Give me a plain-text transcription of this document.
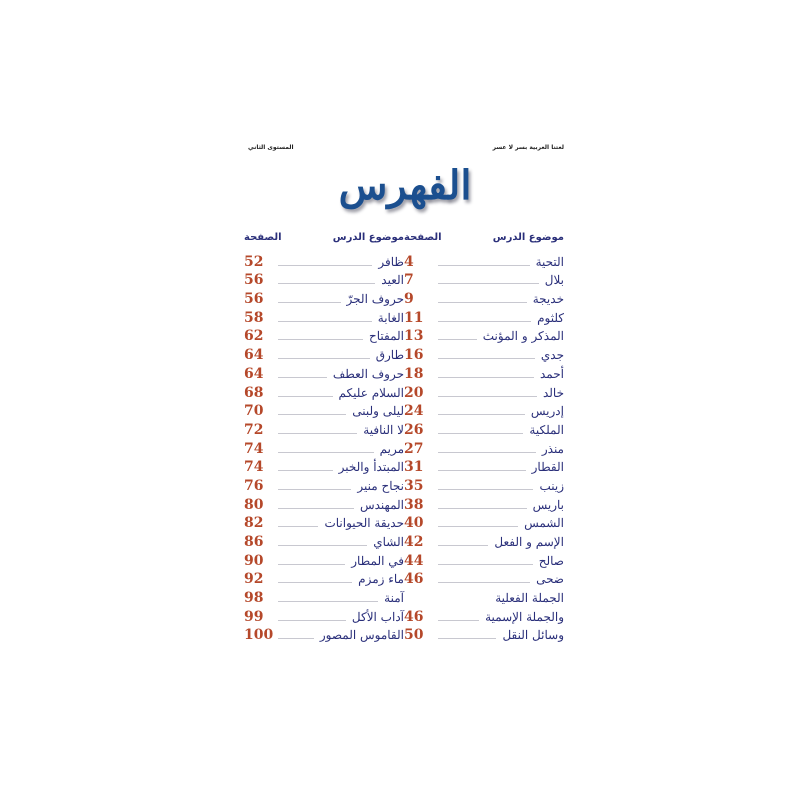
لغتنا العربية بسر لا عسر
المستوى الثاني
الفهرس
موضوع الدرس
الصفحة
التحية
4
بلال
7
خديجة
9
كلثوم
11
المذكر و المؤنث
13
جدي
16
أحمد
18
خالد
20
إدريس
24
الملكية
26
منذر
27
القطار
31
زينب
35
باريس
38
الشمس
40
الإسم و الفعل
42
صالح
44
ضحى
46
الجملة الفعلية
والجملة الإسمية
46
وسائل النقل
50
موضوع الدرس
الصفحة
ظافر
52
العيد
56
حروف الجرّ
56
الغابة
58
المفتاح
62
طارق
64
حروف العطف
64
السلام عليكم
68
ليلى ولبنى
70
لا النافية
72
مريم
74
المبتدأ والخبر
74
نجاح منير
76
المهندس
80
حديقة الحيوانات
82
الشاي
86
في المطار
90
ماء زمزم
92
آمنة
98
آداب الأكل
99
القاموس المصور
100
